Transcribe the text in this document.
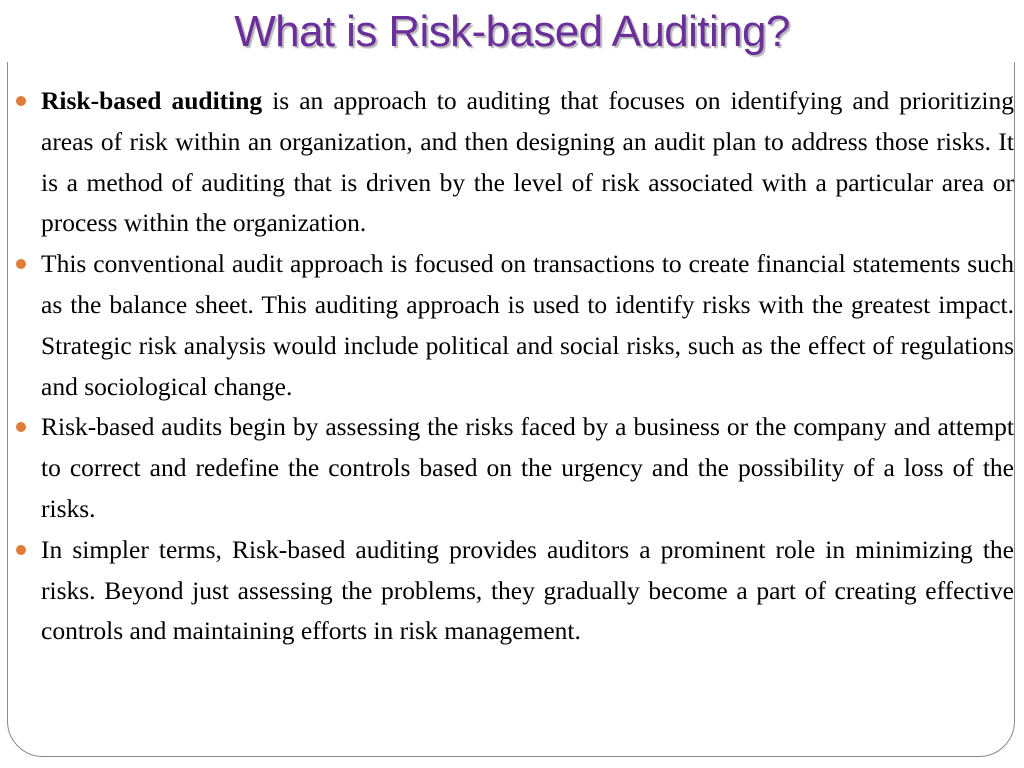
What is Risk-based Auditing?
Risk-based auditing is an approach to auditing that focuses on identifying and prioritizing areas of risk within an organization, and then designing an audit plan to address those risks. It is a method of auditing that is driven by the level of risk associated with a particular area or process within the organization.
This conventional audit approach is focused on transactions to create financial statements such as the balance sheet. This auditing approach is used to identify risks with the greatest impact. Strategic risk analysis would include political and social risks, such as the effect of regulations and sociological change.
Risk-based audits begin by assessing the risks faced by a business or the company and attempt to correct and redefine the controls based on the urgency and the possibility of a loss of the risks.
In simpler terms, Risk-based auditing provides auditors a prominent role in minimizing the risks. Beyond just assessing the problems, they gradually become a part of creating effective controls and maintaining efforts in risk management.
